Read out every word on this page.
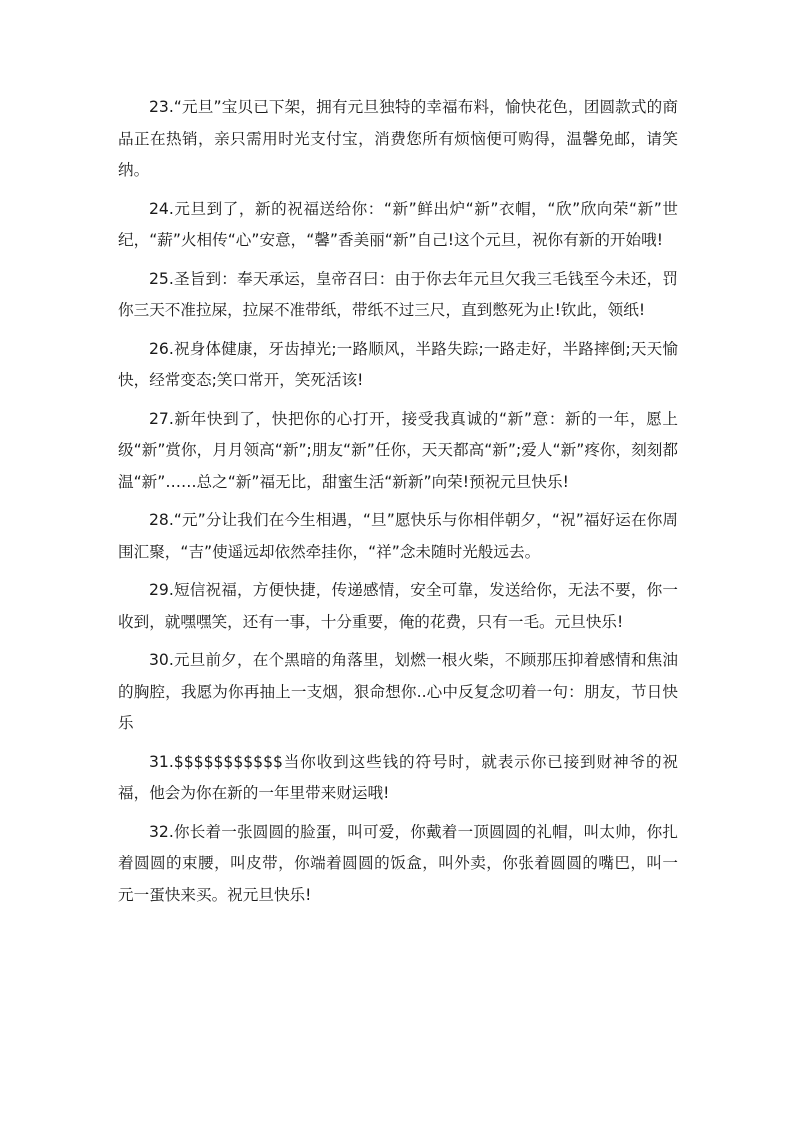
23.“元旦”宝贝已下架，拥有元旦独特的幸福布料，愉快花色，团圆款式的商品正在热销，亲只需用时光支付宝，消费您所有烦恼便可购得，温馨免邮，请笑纳。

24.元旦到了，新的祝福送给你：“新”鲜出炉“新”衣帽，“欣”欣向荣“新”世纪，“薪”火相传“心”安意，“馨”香美丽“新”自己!这个元旦，祝你有新的开始哦!

25.圣旨到：奉天承运，皇帝召曰：由于你去年元旦欠我三毛钱至今未还，罚你三天不准拉屎，拉屎不准带纸，带纸不过三尺，直到憋死为止!钦此，领纸!

26.祝身体健康，牙齿掉光;一路顺风，半路失踪;一路走好，半路摔倒;天天愉快，经常变态;笑口常开，笑死活该!

27.新年快到了，快把你的心打开，接受我真诚的“新”意：新的一年，愿上级“新”赏你，月月领高“新”;朋友“新”任你，天天都高“新”;爱人“新”疼你，刻刻都温“新”……总之“新”福无比，甜蜜生活“新新”向荣!预祝元旦快乐!

28.“元”分让我们在今生相遇，“旦”愿快乐与你相伴朝夕，“祝”福好运在你周围汇聚，“吉”使遥远却依然牵挂你，“祥”念未随时光般远去。

29.短信祝福，方便快捷，传递感情，安全可靠，发送给你，无法不要，你一收到，就嘿嘿笑，还有一事，十分重要，俺的花费，只有一毛。元旦快乐!

30.元旦前夕，在个黑暗的角落里，划燃一根火柴，不顾那压抑着感情和焦油的胸腔，我愿为你再抽上一支烟，狠命想你..心中反复念叨着一句：朋友，节日快乐

31.$$$$$$$$$$$当你收到这些钱的符号时，就表示你已接到财神爷的祝福，他会为你在新的一年里带来财运哦!

32.你长着一张圆圆的脸蛋，叫可爱，你戴着一顶圆圆的礼帽，叫太帅，你扎着圆圆的束腰，叫皮带，你端着圆圆的饭盒，叫外卖，你张着圆圆的嘴巴，叫一元一蛋快来买。祝元旦快乐!
